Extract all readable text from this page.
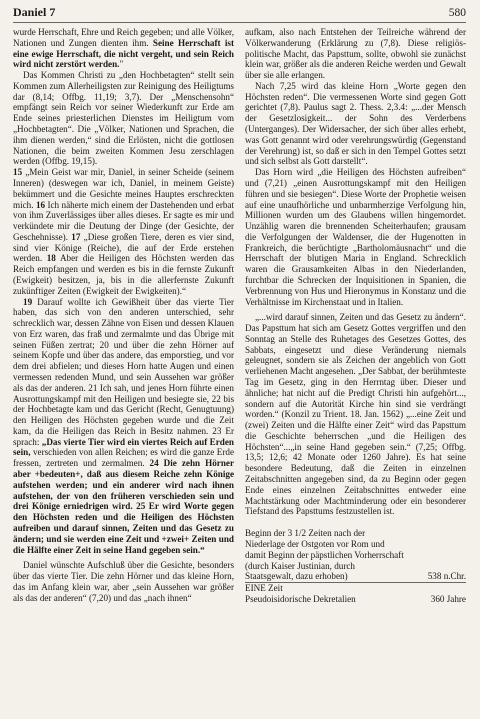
Daniel 7	580

wurde Herrschaft, Ehre und Reich gegeben; und alle Völker, Nationen und Zungen dienten ihm. Seine Herrschaft ist eine ewige Herrschaft, die nicht vergeht, und sein Reich wird nicht zerstört werden."

Das Kommen Christi zu „den Hochbetagten“ stellt sein Kommen zum Allerheiligsten zur Reinigung des Heiligtums dar (8,14; Offbg. 11,19; 3,7). Der „Menschensohn“ empfängt sein Reich vor seiner Wiederkunft zur Erde am Ende seines priesterlichen Dienstes im Heiligtum vom „Hochbetagten“. Die „Völker, Nationen und Sprachen, die ihm dienen werden,“ sind die Erlösten, nicht die gottlosen Nationen, die beim zweiten Kommen Jesu zerschlagen werden (Offbg. 19,15).

15 „Mein Geist war mir, Daniel, in seiner Scheide (seinem Inneren) (deswegen war ich, Daniel, in meinem Geiste) bekümmert und die Gesichte meines Hauptes erschreckten mich. 16 Ich näherte mich einem der Dastehenden und erbat von ihm Zuverlässiges über alles dieses. Er sagte es mir und verkündete mir die Deutung der Dinge (der Gesichte, der Geschehnisse). 17 „Diese großen Tiere, deren es vier sind, sind vier Könige (Reiche), die auf der Erde erstehen werden. 18 Aber die Heiligen des Höchsten werden das Reich empfangen und werden es bis in die fernste Zukunft (Ewigkeit) besitzen, ja, bis in die allerfernste Zukunft zukünftiger Zeiten (Ewigkeit der Ewigkeiten).“

19 Darauf wollte ich Gewißheit über das vierte Tier haben, das sich von den anderen unterschied, sehr schrecklich war, dessen Zähne von Eisen und dessen Klauen von Erz waren, das fraß und zermalmte und das Übrige mit seinen Füßen zertrat; 20 und über die zehn Hörner auf seinem Kopfe und über das andere, das emporstieg, und vor dem drei abfielen; und dieses Horn hatte Augen und einen vermessen redenden Mund, und sein Aussehen war größer als das der anderen. 21 Ich sah, und jenes Horn führte einen Ausrottungskampf mit den Heiligen und besiegte sie, 22 bis der Hochbetagte kam und das Gericht (Recht, Genugtuung) den Heiligen des Höchsten gegeben wurde und die Zeit kam, da die Heiligen das Reich in Besitz nahmen. 23 Er sprach: „Das vierte Tier wird ein viertes Reich auf Erden sein, verschieden von allen Reichen; es wird die ganze Erde fressen, zertreten und zermalmen. 24 Die zehn Hörner aber +bedeuten+, daß aus diesem Reiche zehn Könige aufstehen werden; und ein anderer wird nach ihnen aufstehen, der von den früheren verschieden sein und drei Könige erniedrigen wird. 25 Er wird Worte gegen den Höchsten reden und die Heiligen des Höchsten aufreiben und darauf sinnen, Zeiten und das Gesetz zu ändern; und sie werden eine Zeit und +zwei+ Zeiten und die Hälfte einer Zeit in seine Hand gegeben sein.“

Daniel wünschte Aufschluß über die Gesichte, besonders über das vierte Tier. Die zehn Hörner und das kleine Horn, das im Anfang klein war, aber „sein Aussehen war größer als das der anderen“ (7,20) und das „nach ihnen“

aufkam, also nach Entstehen der Teilreiche während der Völkerwanderung (Erklärung zu (7,8). Diese religiös-politische Macht, das Papsttum, sollte, obwohl sie zunächst klein war, größer als die anderen Reiche werden und Gewalt über sie alle erlangen.

Nach 7,25 wird das kleine Horn „Worte gegen den Höchsten reden“. Die vermessenen Worte sind gegen Gott gerichtet (7,8). Paulus sagt 2. Thess. 2,3.4: „...der Mensch der Gesetzlosigkeit... der Sohn des Verderbens (Unterganges). Der Widersacher, der sich über alles erhebt, was Gott genannt wird oder verehrungswürdig (Gegenstand der Verehrung) ist, so daß er sich in den Tempel Gottes setzt und sich selbst als Gott darstellt“.

Das Horn wird „die Heiligen des Höchsten aufreiben“ und (7,21) „einen Ausrottungskampf mit den Heiligen führen und sie besiegen“. Diese Worte der Prophetie weisen auf eine unaufhörliche und unbarmherzige Verfolgung hin, Millionen wurden um des Glaubens willen hingemordet. Unzählig waren die brennenden Scheiterhaufen; grausam die Verfolgungen der Waldenser, die der Hugenotten in Frankreich, die berüchtigte „Bartholomäusnacht“ und die Herrschaft der blutigen Maria in England. Schrecklich waren die Grausamkeiten Albas in den Niederlanden, furchtbar die Schrecken der Inquisitionen in Spanien, die Verbrennung von Hus und Hieronymus in Konstanz und die Verhältnisse im Kirchenstaat und in Italien.

„...wird darauf sinnen, Zeiten und das Gesetz zu ändern“. Das Papsttum hat sich am Gesetz Gottes vergriffen und den Sonntag an Stelle des Ruhetages des Gesetzes Gottes, des Sabbats, eingesetzt und diese Veränderung niemals geleugnet, sondern sie als Zeichen der angeblich von Gott verliehenen Macht angesehen. „Der Sabbat, der berühmteste Tag im Gesetz, ging in den Herrntag über. Dieser und ähnliche; hat nicht auf die Predigt Christi hin aufgehört..., sondern auf die Autorität Kirche hin sind sie verdrängt worden.“ (Konzil zu Trient. 18. Jan. 1562) „...eine Zeit und (zwei) Zeiten und die Hälfte einer Zeit“ wird das Papsttum die Geschichte beherrschen „und die Heiligen des Höchsten“...„in seine Hand gegeben sein.“ (7,25; Offbg. 13,5; 12,6; 42 Monate oder 1260 Jahre). Es hat seine besondere Bedeutung, daß die Zeiten in einzelnen Zeitabschnitten angegeben sind, da zu Beginn oder gegen Ende eines einzelnen Zeitabschnittes entweder eine Machtstärkung oder Machtminderung oder ein besonderer Tiefstand des Papsttums festzustellen ist.

Beginn der 3 1/2 Zeiten nach der Niederlage der Ostgoten vor Rom und damit Beginn der päpstlichen Vorherrschaft (durch Kaiser Justinian, durch Staatsgewalt, dazu erhoben)	538 n.Chr.
EINE Zeit
Pseudoisidorische Dekretalien	360 Jahre
